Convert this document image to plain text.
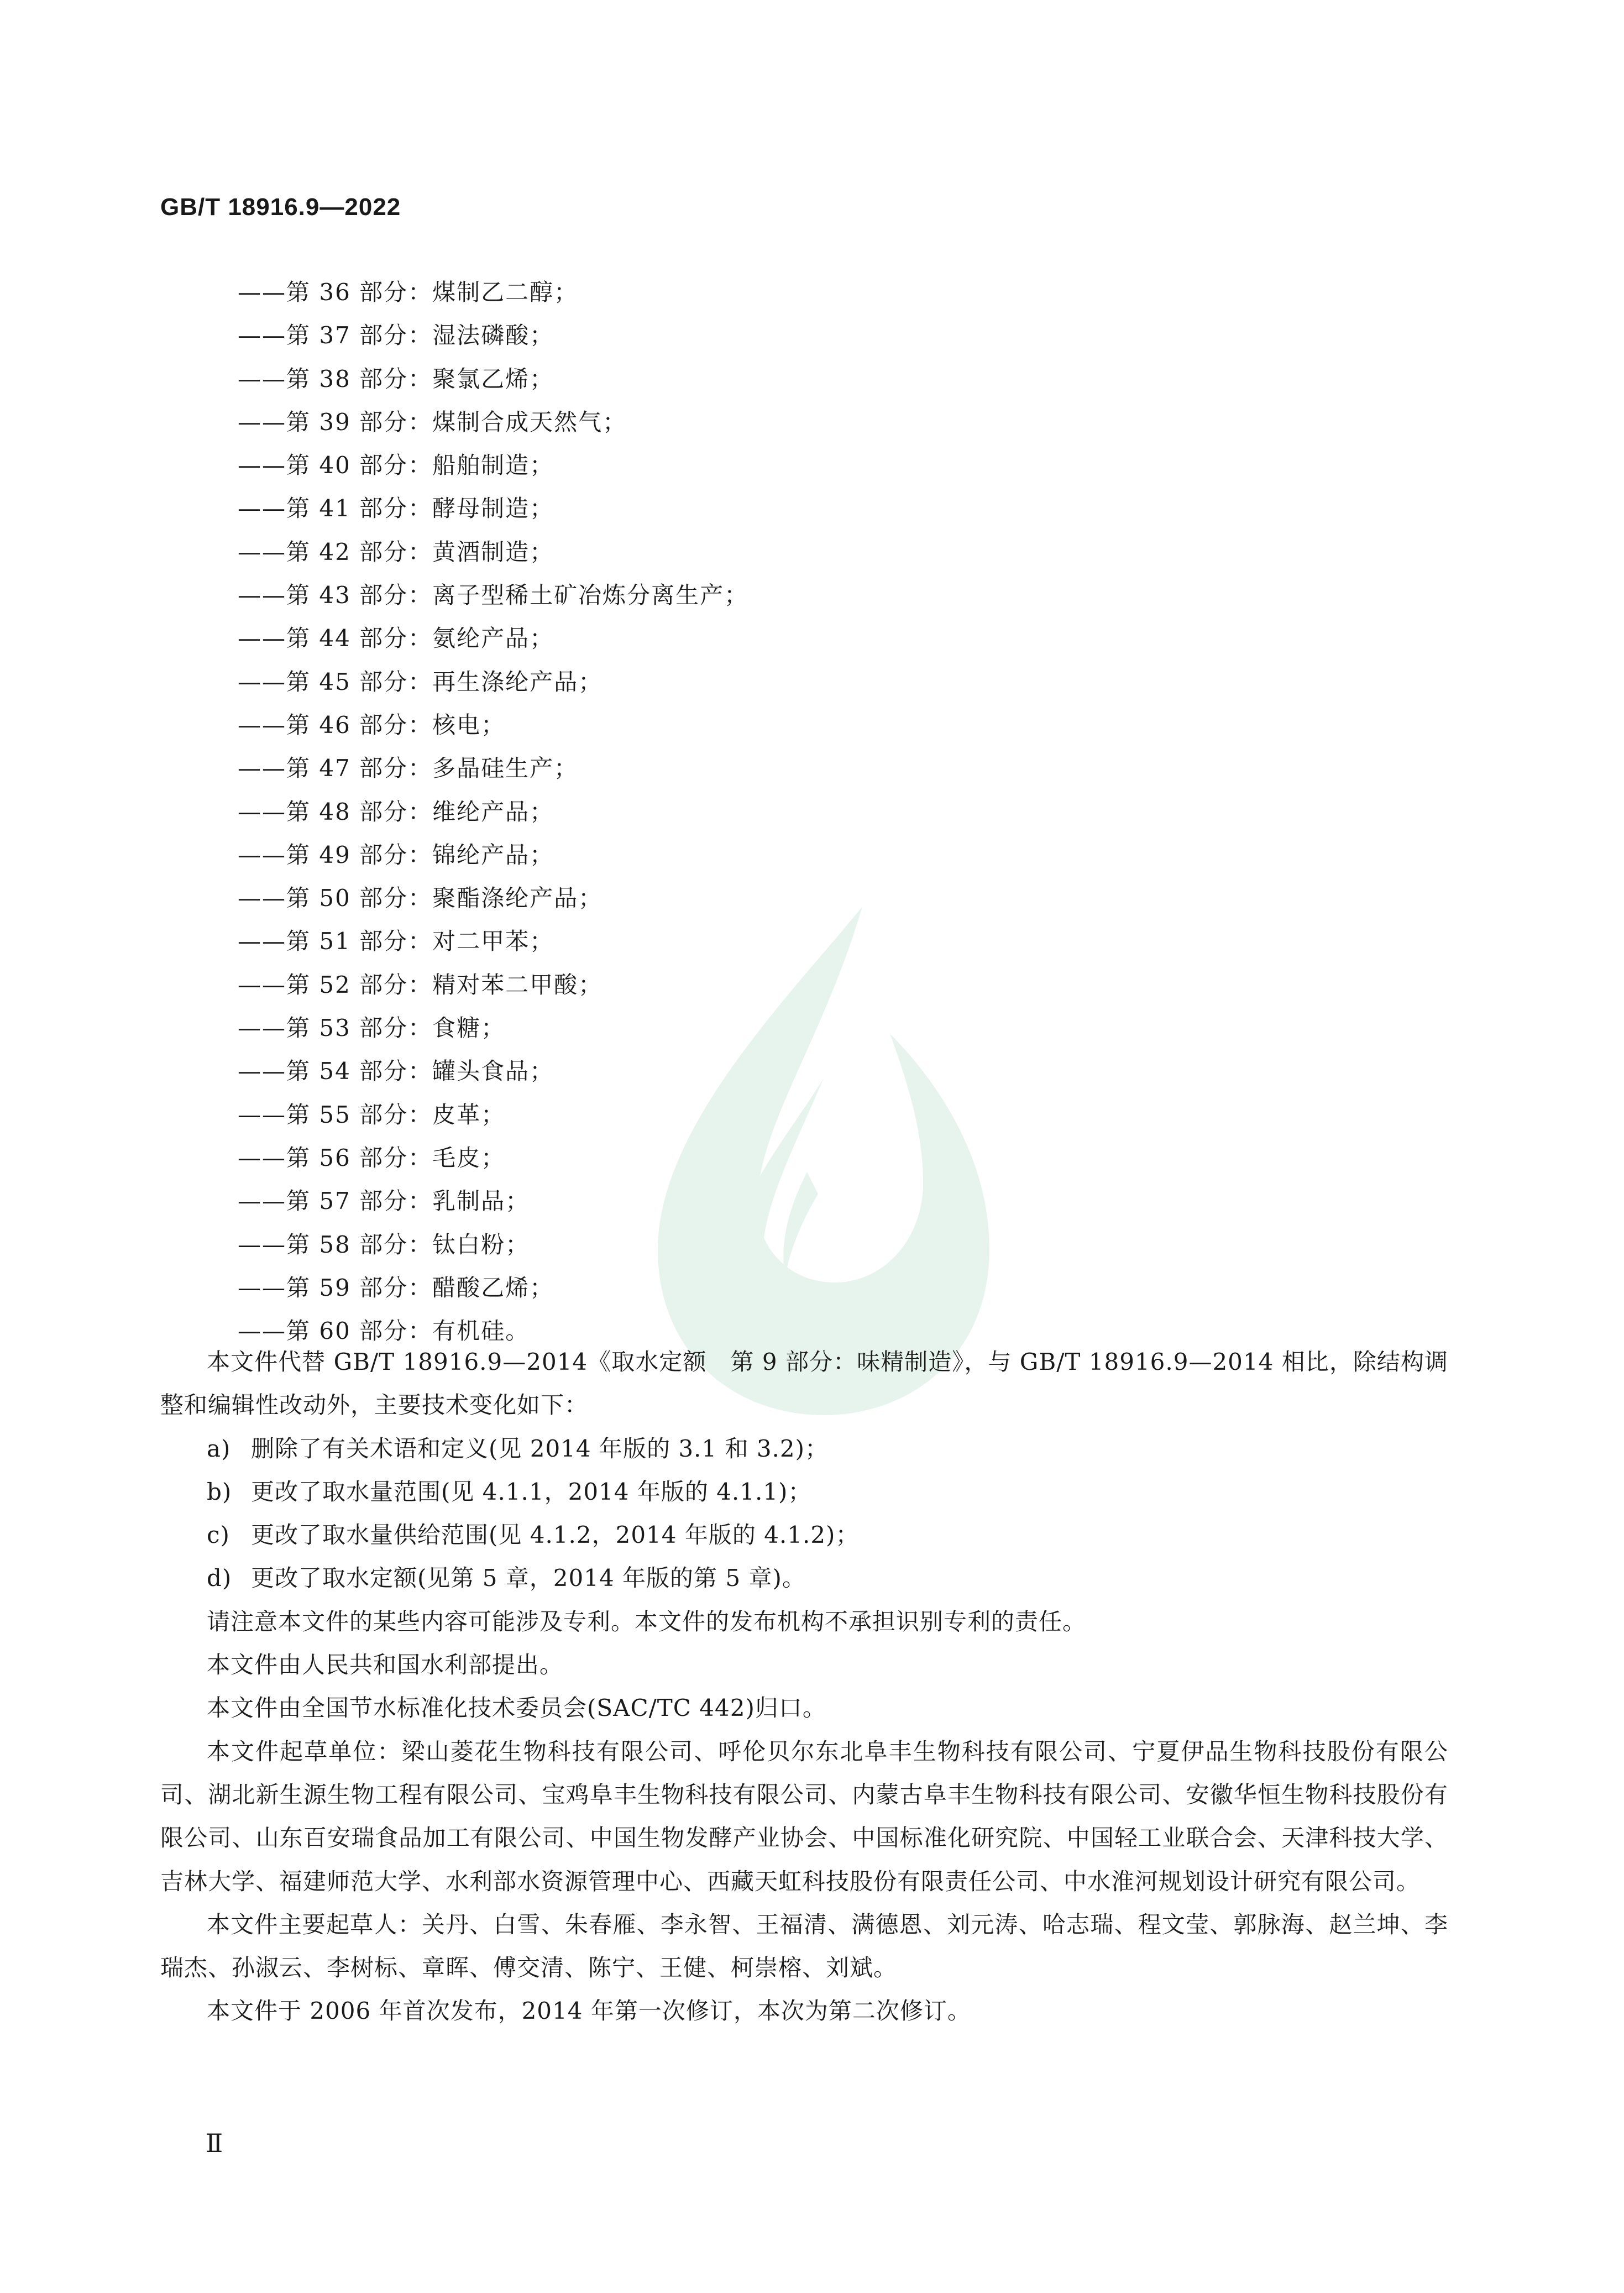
GB/T 18916.9—2022
——第 36 部分：煤制乙二醇；
——第 37 部分：湿法磷酸；
——第 38 部分：聚氯乙烯；
——第 39 部分：煤制合成天然气；
——第 40 部分：船舶制造；
——第 41 部分：酵母制造；
——第 42 部分：黄酒制造；
——第 43 部分：离子型稀土矿冶炼分离生产；
——第 44 部分：氨纶产品；
——第 45 部分：再生涤纶产品；
——第 46 部分：核电；
——第 47 部分：多晶硅生产；
——第 48 部分：维纶产品；
——第 49 部分：锦纶产品；
——第 50 部分：聚酯涤纶产品；
——第 51 部分：对二甲苯；
——第 52 部分：精对苯二甲酸；
——第 53 部分：食糖；
——第 54 部分：罐头食品；
——第 55 部分：皮革；
——第 56 部分：毛皮；
——第 57 部分：乳制品；
——第 58 部分：钛白粉；
——第 59 部分：醋酸乙烯；
——第 60 部分：有机硅。

本文件代替 GB/T 18916.9—2014《取水定额　第 9 部分：味精制造》，与 GB/T 18916.9—2014 相比，除结构调整和编辑性改动外，主要技术变化如下：

a) 删除了有关术语和定义(见 2014 年版的 3.1 和 3.2)；
b) 更改了取水量范围(见 4.1.1，2014 年版的 4.1.1)；
c) 更改了取水量供给范围(见 4.1.2，2014 年版的 4.1.2)；
d) 更改了取水定额(见第 5 章，2014 年版的第 5 章)。

请注意本文件的某些内容可能涉及专利。本文件的发布机构不承担识别专利的责任。

本文件由人民共和国水利部提出。

本文件由全国节水标准化技术委员会(SAC/TC 442)归口。

本文件起草单位：梁山菱花生物科技有限公司、呼伦贝尔东北阜丰生物科技有限公司、宁夏伊品生物科技股份有限公司、湖北新生源生物工程有限公司、宝鸡阜丰生物科技有限公司、内蒙古阜丰生物科技有限公司、安徽华恒生物科技股份有限公司、山东百安瑞食品加工有限公司、中国生物发酵产业协会、中国标准化研究院、中国轻工业联合会、天津科技大学、吉林大学、福建师范大学、水利部水资源管理中心、西藏天虹科技股份有限责任公司、中水淮河规划设计研究有限公司。

本文件主要起草人：关丹、白雪、朱春雁、李永智、王福清、满德恩、刘元涛、哈志瑞、程文莹、郭脉海、赵兰坤、李瑞杰、孙淑云、李树标、章晖、傅交清、陈宁、王健、柯崇榕、刘斌。

本文件于 2006 年首次发布，2014 年第一次修订，本次为第二次修订。

Ⅱ
